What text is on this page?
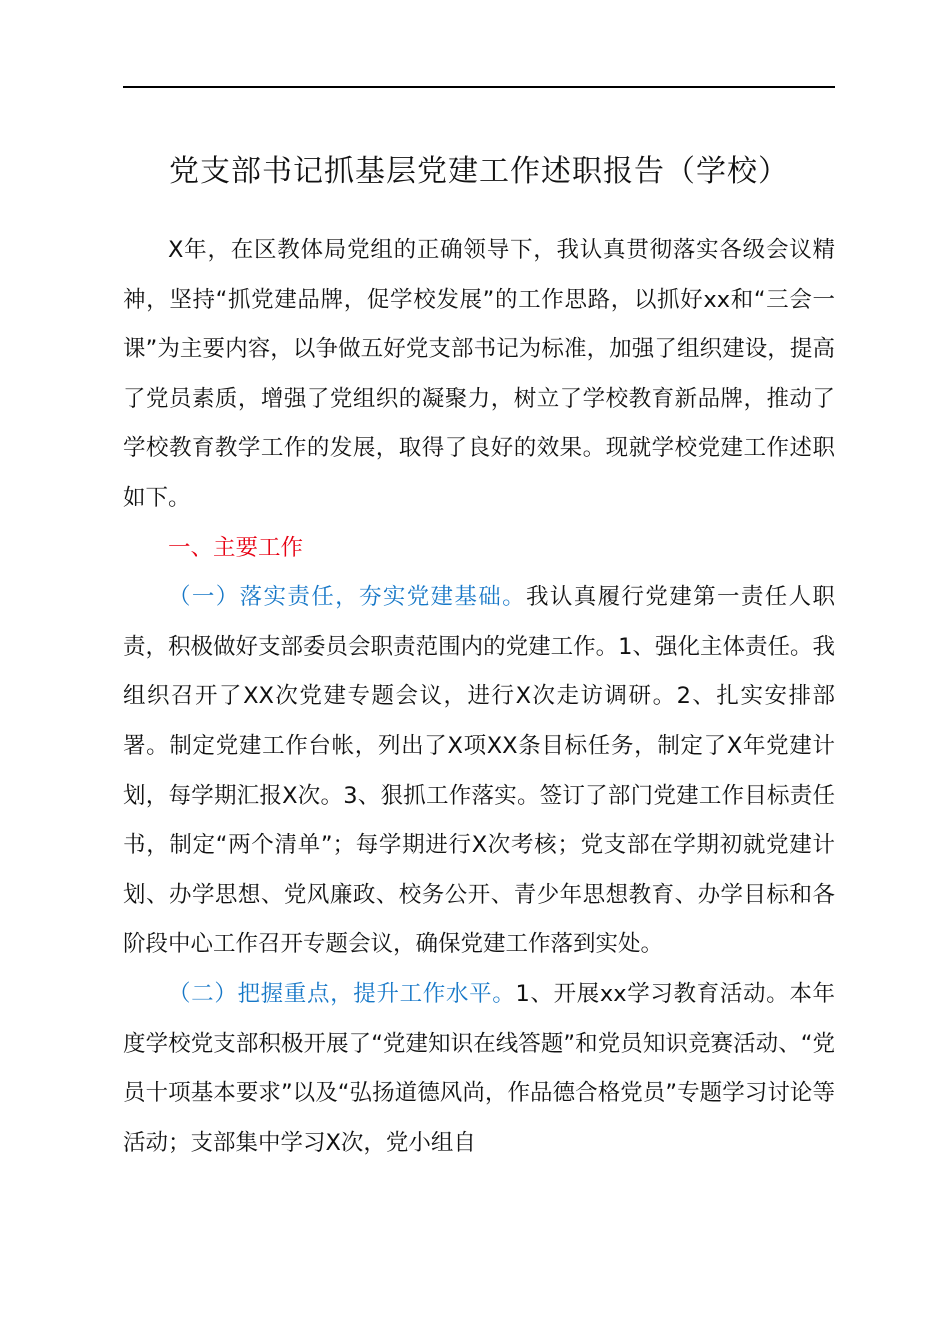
党支部书记抓基层党建工作述职报告（学校）

X年，在区教体局党组的正确领导下，我认真贯彻落实各级会议精神，坚持“抓党建品牌，促学校发展”的工作思路，以抓好xx和“三会一课”为主要内容，以争做五好党支部书记为标准，加强了组织建设，提高了党员素质，增强了党组织的凝聚力，树立了学校教育新品牌，推动了学校教育教学工作的发展，取得了良好的效果。现就学校党建工作述职如下。

一、主要工作

（一）落实责任，夯实党建基础。我认真履行党建第一责任人职责，积极做好支部委员会职责范围内的党建工作。1、强化主体责任。我组织召开了XX次党建专题会议，进行X次走访调研。2、扎实安排部署。制定党建工作台帐，列出了X项XX条目标任务，制定了X年党建计划，每学期汇报X次。3、狠抓工作落实。签订了部门党建工作目标责任书，制定“两个清单”；每学期进行X次考核；党支部在学期初就党建计划、办学思想、党风廉政、校务公开、青少年思想教育、办学目标和各阶段中心工作召开专题会议，确保党建工作落到实处。

（二）把握重点，提升工作水平。1、开展xx学习教育活动。本年度学校党支部积极开展了“党建知识在线答题”和党员知识竞赛活动、“党员十项基本要求”以及“弘扬道德风尚，作品德合格党员”专题学习讨论等活动；支部集中学习X次，党小组自
